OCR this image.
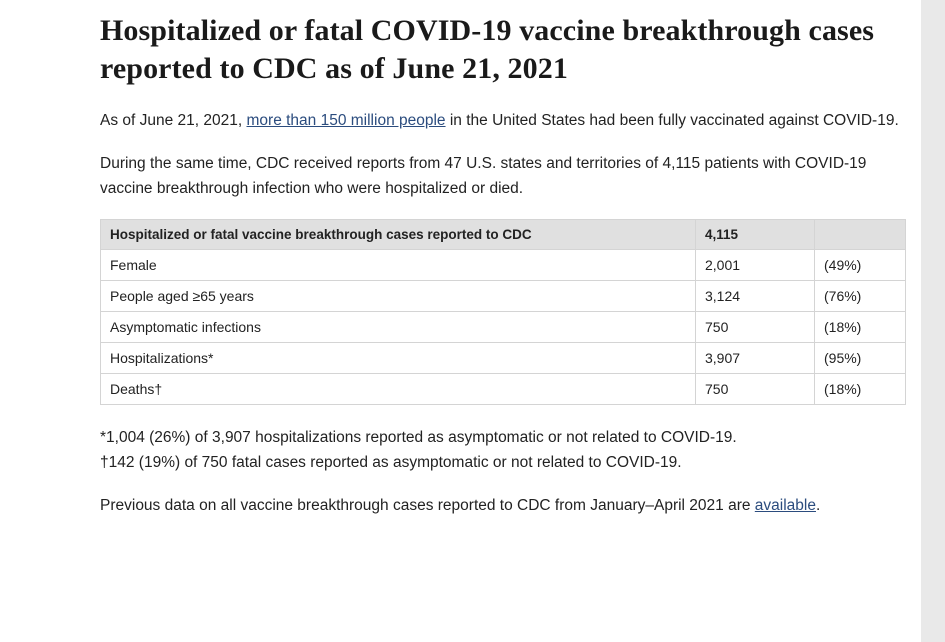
Hospitalized or fatal COVID-19 vaccine breakthrough cases reported to CDC as of June 21, 2021

As of June 21, 2021, more than 150 million people in the United States had been fully vaccinated against COVID-19.

During the same time, CDC received reports from 47 U.S. states and territories of 4,115 patients with COVID-19 vaccine breakthrough infection who were hospitalized or died.

Hospitalized or fatal vaccine breakthrough cases reported to CDC	4,115	
Female	2,001	(49%)
People aged ≥65 years	3,124	(76%)
Asymptomatic infections	750	(18%)
Hospitalizations*	3,907	(95%)
Deaths†	750	(18%)
*1,004 (26%) of 3,907 hospitalizations reported as asymptomatic or not related to COVID-19.
†142 (19%) of 750 fatal cases reported as asymptomatic or not related to COVID-19.

Previous data on all vaccine breakthrough cases reported to CDC from January–April 2021 are available.
